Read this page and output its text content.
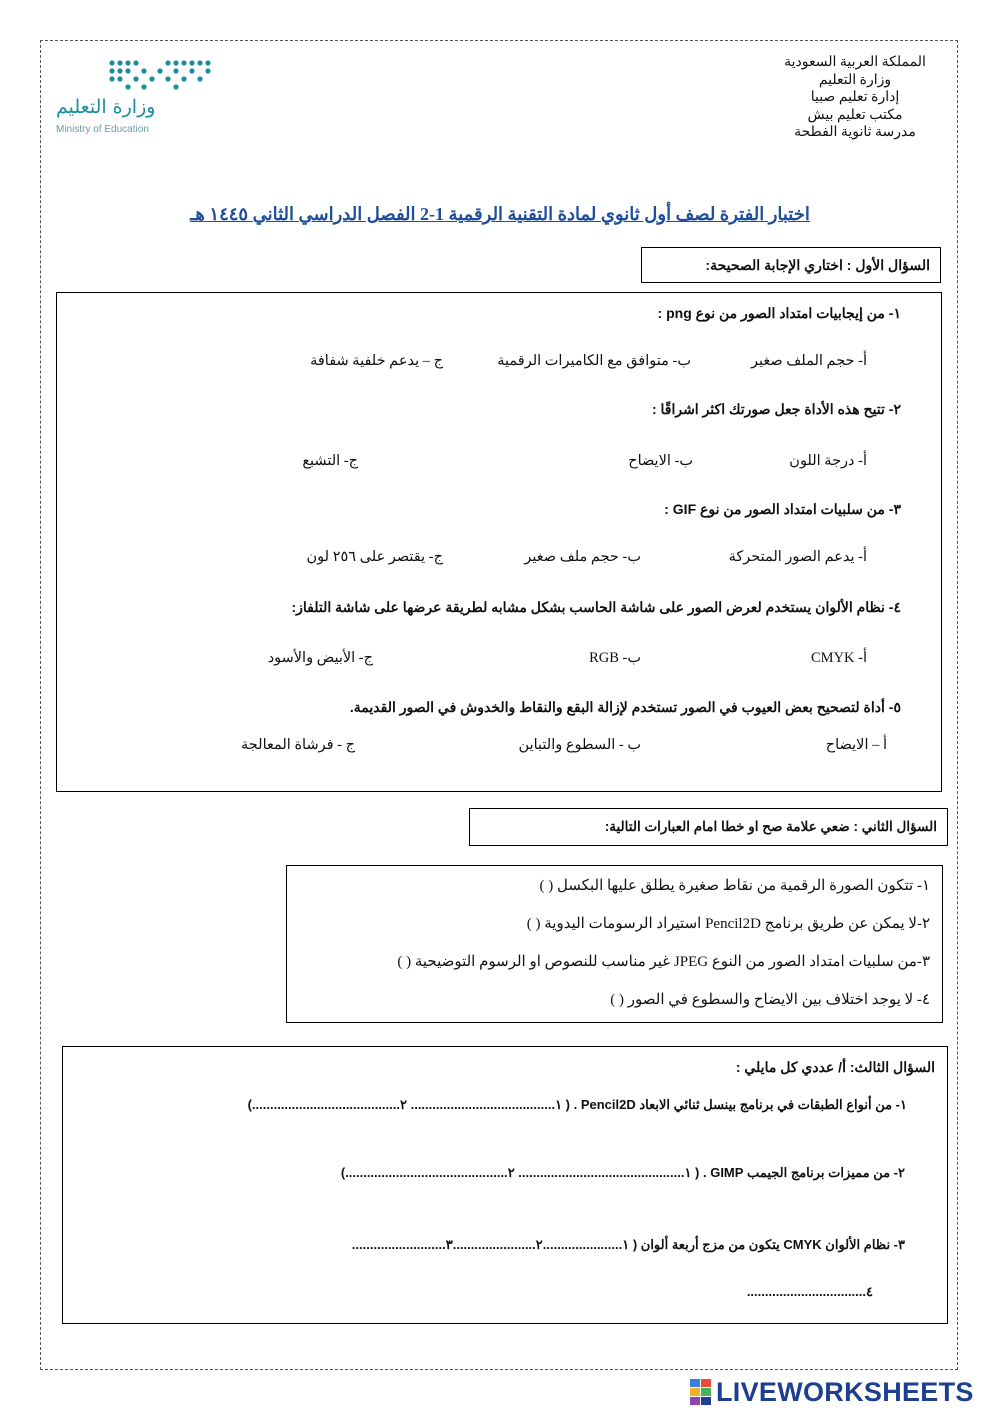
وزارة التعليم
Ministry of Education
المملكة العربية السعودية
وزارة التعليم
إدارة تعليم صبيا
مكتب تعليم بيش
مدرسة ثانوية الفطحة
اختبار الفترة لصف أول ثانوي لمادة التقنية الرقمية 1-2 الفصل الدراسي الثاني ١٤٤٥ هـ
السؤال الأول : اختاري الإجابة الصحيحة:
١- من إيجابيات امتداد الصور من نوع png :
أ- حجم الملف صغير
ب- متوافق مع الكاميرات الرقمية
ج – يدعم خلفية شفافة
٢- تتيح هذه الأداة جعل صورتك اكثر اشراقًا :
أ- درجة اللون
ب- الايضاح
ج- التشبع
٣- من سلبيات امتداد الصور من نوع GIF :
أ- يدعم الصور المتحركة
ب- حجم ملف صغير
ج- يقتصر على ٢٥٦ لون
٤- نظام الألوان يستخدم لعرض الصور على شاشة الحاسب بشكل مشابه لطريقة عرضها على شاشة التلفاز:
أ- CMYK
ب- RGB
ج- الأبيض والأسود
٥- أداة لتصحيح بعض العيوب في الصور تستخدم لإزالة البقع والنقاط والخدوش في الصور القديمة.
أ – الايضاح
ب - السطوع والتباين
ج - فرشاة المعالجة
السؤال الثاني : ضعي علامة صح او خطا امام العبارات التالية:
١- تتكون الصورة الرقمية من نقاط صغيرة يطلق عليها البكسل ( )
٢-لا يمكن عن طريق برنامج Pencil2D استيراد الرسومات اليدوية ( )
٣-من سلبيات امتداد الصور من النوع JPEG غير مناسب للنصوص او الرسوم التوضيحية ( )
٤- لا يوجد اختلاف بين الايضاح والسطوع في الصور ( )
السؤال الثالث: أ/ عددي كل مايلي :
١- من أنواع الطبقات في برنامج بينسل ثنائي الابعاد Pencil2D . ( ١........................................ ٢.........................................)
٢- من مميزات برنامج الجيمب GIMP . ( ١.............................................. ٢.............................................)
٣- نظام الألوان CMYK يتكون من مزج أربعة ألوان ( ١......................٢.......................٣..........................
٤.................................
LIVEWORKSHEETS
